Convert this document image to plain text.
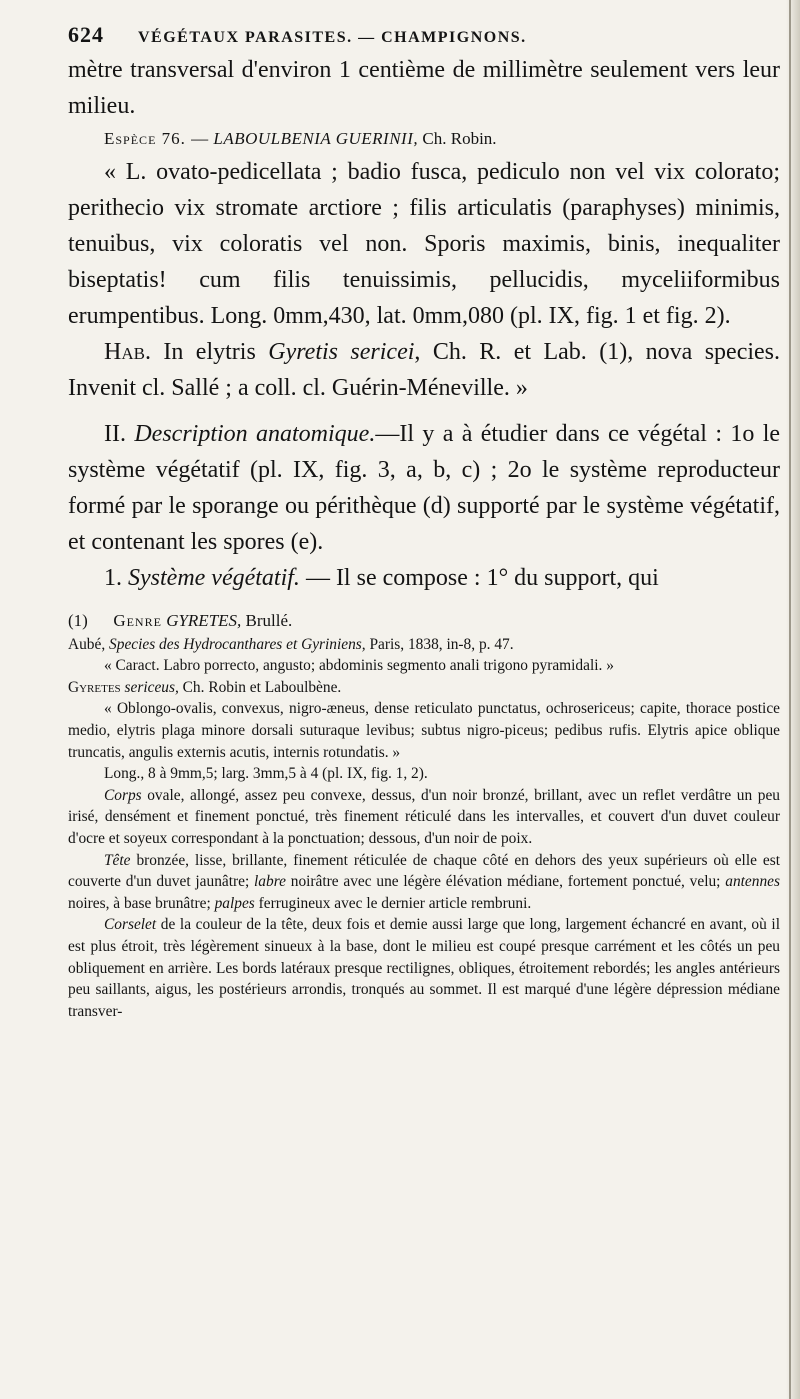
624	VÉGÉTAUX PARASITES. — CHAMPIGNONS.

mètre transversal d'environ 1 centième de millimètre seulement vers leur milieu.

Espèce 76. — LABOULBENIA GUERINII, Ch. Robin.

« L. ovato-pedicellata ; badio fusca, pediculo non vel vix colorato; perithecio vix stromate arctiore ; filis articulatis (paraphyses) minimis, tenuibus, vix coloratis vel non. Sporis maximis, binis, inequaliter biseptatis! cum filis tenuissimis, pellucidis, myceliiformibus erumpentibus. Long. 0mm,430, lat. 0mm,080 (pl. IX, fig. 1 et fig. 2).

Hab. In elytris Gyretis sericei, Ch. R. et Lab. (1), nova species. Invenit cl. Sallé ; a coll. cl. Guérin-Méneville. »

II. Description anatomique.—Il y a à étudier dans ce végétal : 1o le système végétatif (pl. IX, fig. 3, a, b, c) ; 2o le système reproducteur formé par le sporange ou périthèque (d) supporté par le système végétatif, et contenant les spores (e).

1. Système végétatif. — Il se compose : 1° du support, qui

(1) Genre GYRETES, Brullé.

Aubé, Species des Hydrocanthares et Gyriniens, Paris, 1838, in-8, p. 47.

« Caract. Labro porrecto, angusto; abdominis segmento anali trigono pyramidali. »

Gyretes sericeus, Ch. Robin et Laboulbène.

« Oblongo-ovalis, convexus, nigro-æneus, dense reticulato punctatus, ochrosericeus; capite, thorace postice medio, elytris plaga minore dorsali suturaque levibus; subtus nigro-piceus; pedibus rufis. Elytris apice oblique truncatis, angulis externis acutis, internis rotundatis. »

Long., 8 à 9mm,5; larg. 3mm,5 à 4 (pl. IX, fig. 1, 2).

Corps ovale, allongé, assez peu convexe, dessus, d'un noir bronzé, brillant, avec un reflet verdâtre un peu irisé, densément et finement ponctué, très finement réticulé dans les intervalles, et couvert d'un duvet couleur d'ocre et soyeux correspondant à la ponctuation; dessous, d'un noir de poix.

Tête bronzée, lisse, brillante, finement réticulée de chaque côté en dehors des yeux supérieurs où elle est couverte d'un duvet jaunâtre; labre noirâtre avec une légère élévation médiane, fortement ponctué, velu; antennes noires, à base brunâtre; palpes ferrugineux avec le dernier article rembruni.

Corselet de la couleur de la tête, deux fois et demie aussi large que long, largement échancré en avant, où il est plus étroit, très légèrement sinueux à la base, dont le milieu est coupé presque carrément et les côtés un peu obliquement en arrière. Les bords latéraux presque rectilignes, obliques, étroitement rebordés; les angles antérieurs peu saillants, aigus, les postérieurs arrondis, tronqués au sommet. Il est marqué d'une légère dépression médiane transver-
